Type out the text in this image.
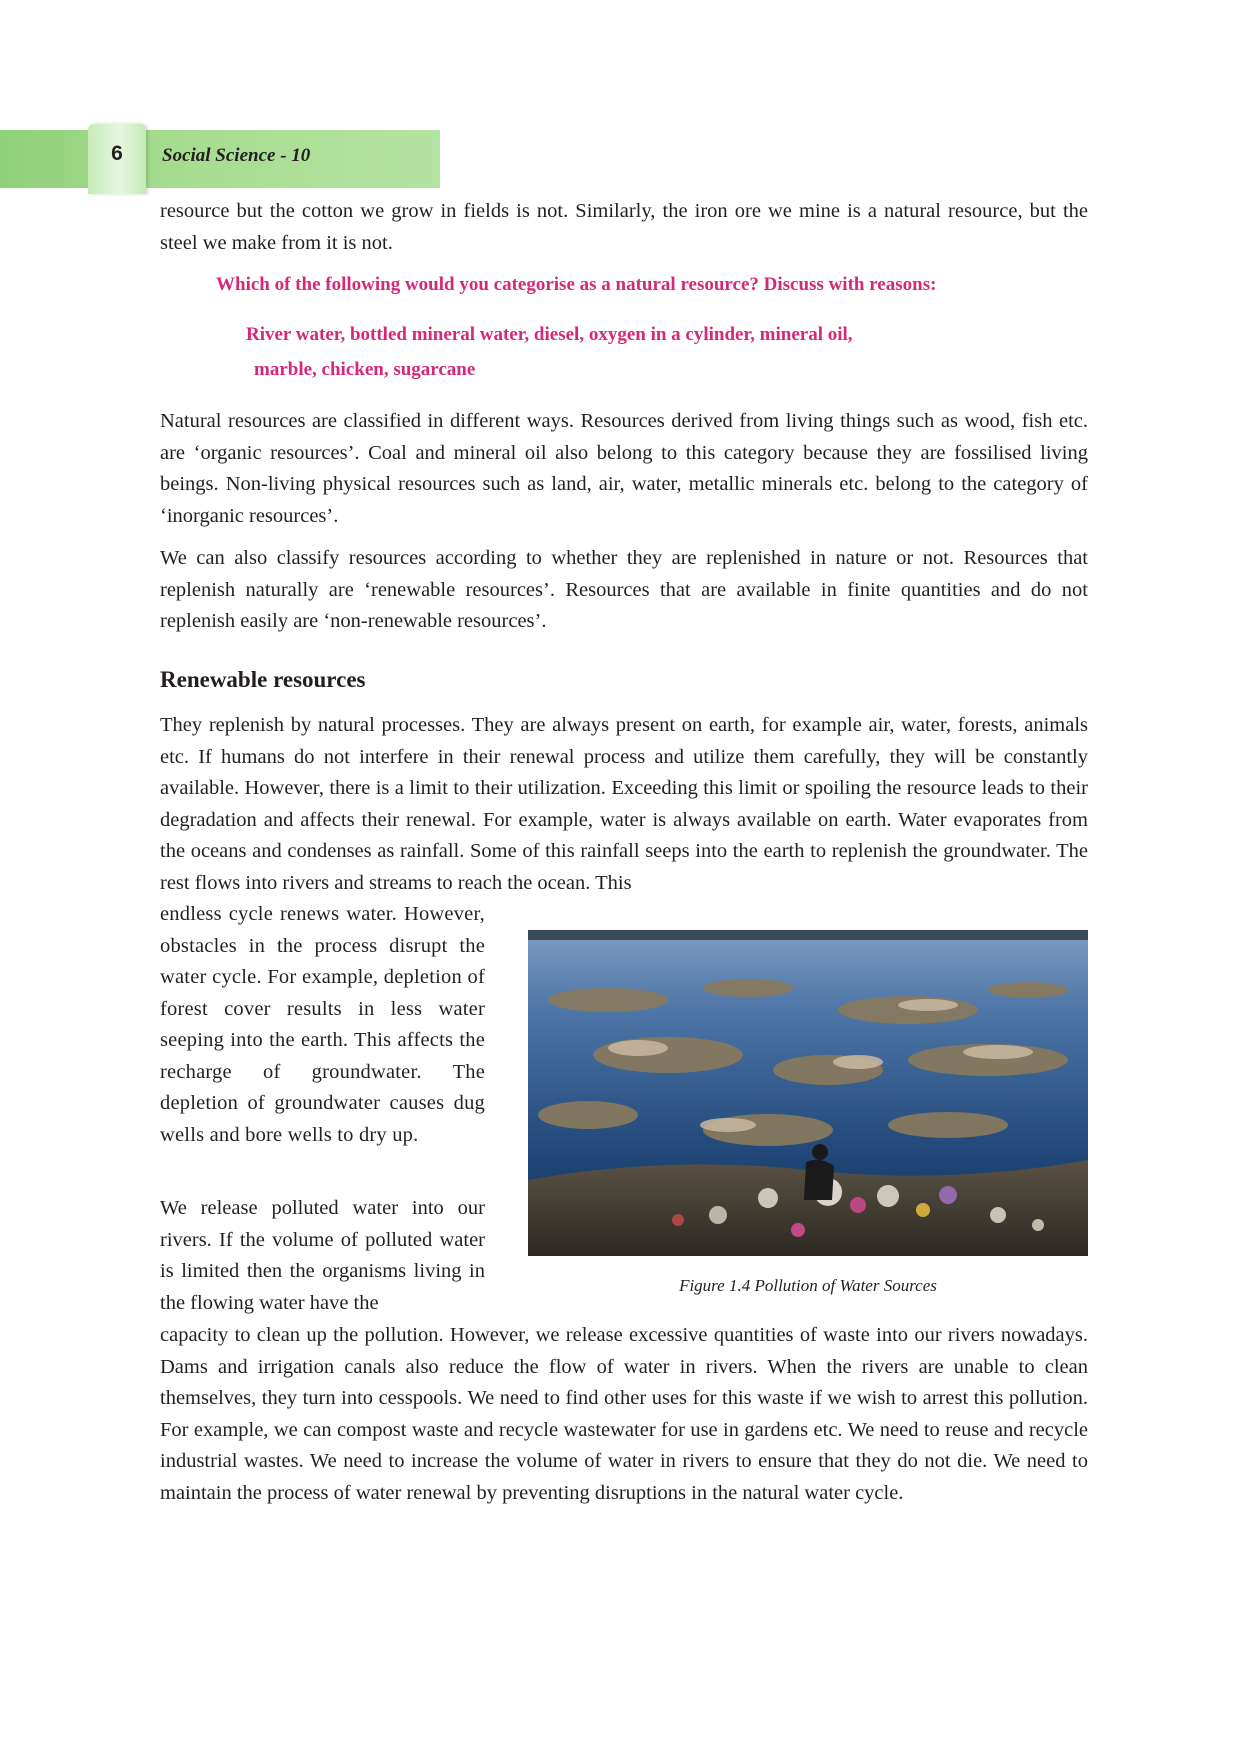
6	Social Science - 10

resource but the cotton we grow in fields is not. Similarly, the iron ore we mine is a natural resource, but the steel we make from it is not.

Which of the following would you categorise as a natural resource? Discuss with reasons:

River water, bottled mineral water, diesel, oxygen in a cylinder, mineral oil,

marble, chicken, sugarcane

Natural resources are classified in different ways. Resources derived from living things such as wood, fish etc. are ‘organic resources’. Coal and mineral oil also belong to this category because they are fossilised living beings. Non-living physical resources such as land, air, water, metallic minerals etc. belong to the category of ‘inorganic resources’.

We can also classify resources according to whether they are replenished in nature or not. Resources that replenish naturally are ‘renewable resources’. Resources that are available in finite quantities and do not replenish easily are ‘non-renewable resources’.

Renewable resources

They replenish by natural processes. They are always present on earth, for example air, water, forests, animals etc. If humans do not interfere in their renewal process and utilize them carefully, they will be constantly available. However, there is a limit to their utilization. Exceeding this limit or spoiling the resource leads to their degradation and affects their renewal. For example, water is always available on earth. Water evaporates from the oceans and condenses as rainfall. Some of this rainfall seeps into the earth to replenish the groundwater. The rest flows into rivers and streams to reach the ocean. This

endless cycle renews water. However, obstacles in the process disrupt the water cycle. For example, depletion of forest cover results in less water seeping into the earth. This affects the recharge of groundwater. The depletion of groundwater causes dug wells and bore wells to dry up.

We release polluted water into our rivers. If the volume of polluted water is limited then the organisms living in the flowing water have the

capacity to clean up the pollution. However, we release excessive quantities of waste into our rivers nowadays. Dams and irrigation canals also reduce the flow of water in rivers. When the rivers are unable to clean themselves, they turn into cesspools. We need to find other uses for this waste if we wish to arrest this pollution. For example, we can compost waste and recycle wastewater for use in gardens etc. We need to reuse and recycle industrial wastes. We need to increase the volume of water in rivers to ensure that they do not die. We need to maintain the process of water renewal by preventing disruptions in the natural water cycle.

Figure 1.4 Pollution of Water Sources
